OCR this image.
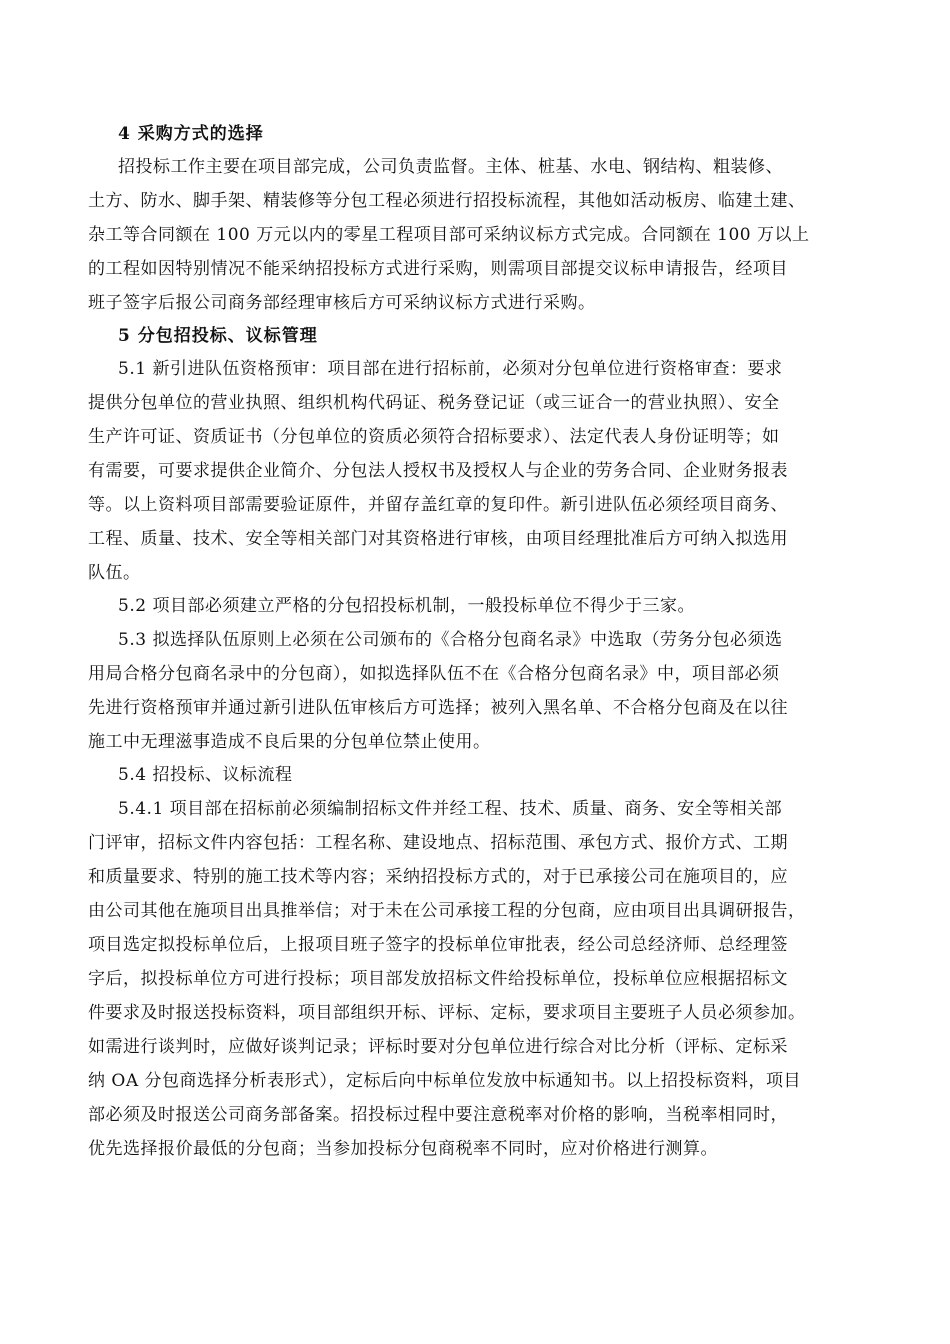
4 采购方式的选择
招投标工作主要在项目部完成，公司负责监督。主体、桩基、水电、钢结构、粗装修、
土方、防水、脚手架、精装修等分包工程必须进行招投标流程，其他如活动板房、临建土建、
杂工等合同额在 100 万元以内的零星工程项目部可采纳议标方式完成。合同额在 100 万以上
的工程如因特别情况不能采纳招投标方式进行采购，则需项目部提交议标申请报告，经项目
班子签字后报公司商务部经理审核后方可采纳议标方式进行采购。
5 分包招投标、议标管理
5.1 新引进队伍资格预审：项目部在进行招标前，必须对分包单位进行资格审查：要求
提供分包单位的营业执照、组织机构代码证、税务登记证（或三证合一的营业执照）、安全
生产许可证、资质证书（分包单位的资质必须符合招标要求）、法定代表人身份证明等；如
有需要，可要求提供企业简介、分包法人授权书及授权人与企业的劳务合同、企业财务报表
等。以上资料项目部需要验证原件，并留存盖红章的复印件。新引进队伍必须经项目商务、
工程、质量、技术、安全等相关部门对其资格进行审核，由项目经理批准后方可纳入拟选用
队伍。
5.2 项目部必须建立严格的分包招投标机制，一般投标单位不得少于三家。
5.3 拟选择队伍原则上必须在公司颁布的《合格分包商名录》中选取（劳务分包必须选
用局合格分包商名录中的分包商），如拟选择队伍不在《合格分包商名录》中，项目部必须
先进行资格预审并通过新引进队伍审核后方可选择；被列入黑名单、不合格分包商及在以往
施工中无理滋事造成不良后果的分包单位禁止使用。
5.4 招投标、议标流程
5.4.1 项目部在招标前必须编制招标文件并经工程、技术、质量、商务、安全等相关部
门评审，招标文件内容包括：工程名称、建设地点、招标范围、承包方式、报价方式、工期
和质量要求、特别的施工技术等内容；采纳招投标方式的，对于已承接公司在施项目的，应
由公司其他在施项目出具推举信；对于未在公司承接工程的分包商，应由项目出具调研报告，
项目选定拟投标单位后，上报项目班子签字的投标单位审批表，经公司总经济师、总经理签
字后，拟投标单位方可进行投标；项目部发放招标文件给投标单位，投标单位应根据招标文
件要求及时报送投标资料，项目部组织开标、评标、定标，要求项目主要班子人员必须参加。
如需进行谈判时，应做好谈判记录；评标时要对分包单位进行综合对比分析（评标、定标采
纳 OA 分包商选择分析表形式），定标后向中标单位发放中标通知书。以上招投标资料，项目
部必须及时报送公司商务部备案。招投标过程中要注意税率对价格的影响，当税率相同时，
优先选择报价最低的分包商；当参加投标分包商税率不同时，应对价格进行测算。
